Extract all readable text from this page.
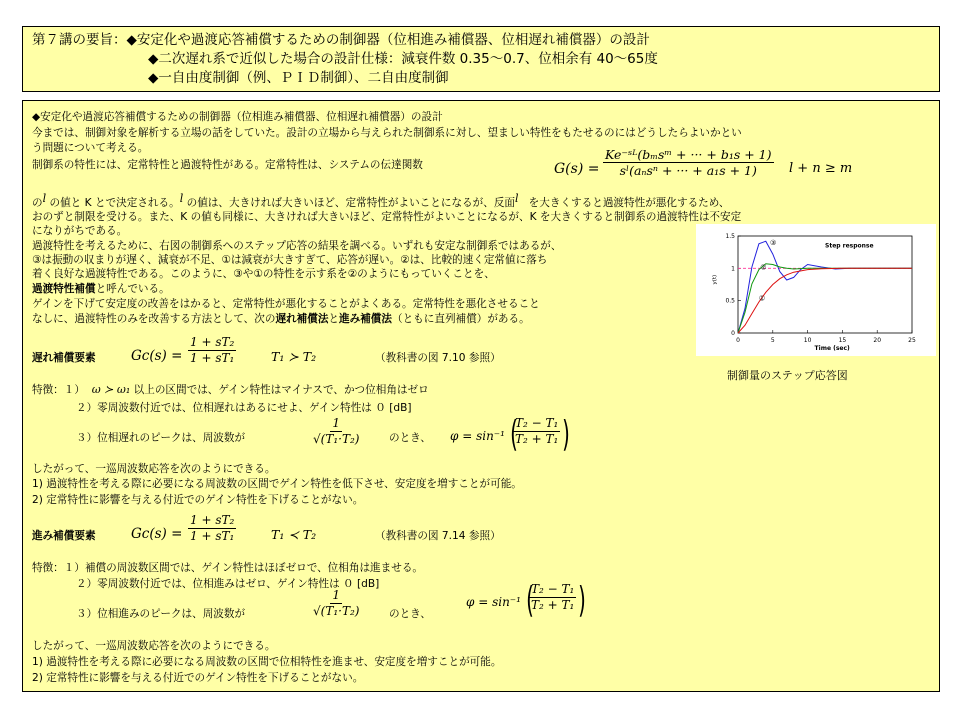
第７講の要旨：◆安定化や過渡応答補償するための制御器（位相進み補償器、位相遅れ補償器）の設計
◆二次遅れ系で近似した場合の設計仕様：減衰件数 0.35～0.7、位相余有 40～65度
◆一自由度制御（例、ＰＩＤ制御）、二自由度制御
◆安定化や過渡応答補償するための制御器（位相進み補償器、位相遅れ補償器）の設計
今までは、制御対象を解析する立場の話をしていた。設計の立場から与えられた制御系に対し、望ましい特性をもたせるのにはどうしたらよいかとい
う問題について考える。
制御系の特性には、定常特性と過渡特性がある。定常特性は、システムの伝達関数	G(s) =
Ke⁻ˢᴸ(bₘsᵐ + ··· + b₁s + 1)
sˡ(aₙsⁿ + ··· + a₁s + 1) l + n ≥ m
のl の値と K とで決定される。l の値は、大きければ大きいほど、定常特性がよいことになるが、反面l を大きくすると過渡特性が悪化するため、
おのずと制限を受ける。また、K の値も同様に、大きければ大きいほど、定常特性がよいことになるが、K を大きくすると制御系の過渡特性は不安定
になりがちである。
過渡特性を考えるために、右図の制御系へのステップ応答の結果を調べる。いずれも安定な制御系ではあるが、
③は振動の収まりが遅く、減衰が不足、①は減衰が大きすぎて、応答が遅い。②は、比較的速く定常値に落ち
着く良好な過渡特性である。このように、③や①の特性を示す系を②のようにもっていくことを、
過渡特性補償と呼んでいる。
ゲインを下げて安定度の改善をはかると、定常特性が悪化することがよくある。定常特性を悪化させること
なしに、過渡特性のみを改善する方法として、次の遅れ補償法と進み補償法（ともに直列補償）がある。
遅れ補償要素	$Gc(s) = \frac{\text{1 + sT₂}}{\text{1 + sT₁}}$	T₁ ≻ T₂	（教科書の図 7.10 参照）
特徴：１） ω ≻ ω₁ 以上の区間では、ゲイン特性はマイナスで、かつ位相角はゼロ
２）零周波数付近では、位相遅れはあるにせよ、ゲイン特性は ０ [dB]
３）位相遅れのピークは、周波数が	$\frac{1}{\text{√(T₁·T₂)}}$	のとき、 φ = sin⁻¹ (
$\frac{\text{T₂ − T₁}}{\text{T₂ + T₁}}$ )
したがって、一巡周波数応答を次のようにできる。
1) 過渡特性を考える際に必要になる周波数の区間でゲイン特性を低下させ、安定度を増すことが可能。
2) 定常特性に影響を与える付近でのゲイン特性を下げることがない。
進み補償要素	$Gc(s) = \frac{\text{1 + sT₂}}{\text{1 + sT₁}}$	T₁ ≺ T₂	（教科書の図 7.14 参照）
特徴：１）補償の周波数区間では、ゲイン特性はほぼゼロで、位相角は進ませる。
２）零周波数付近では、位相進みはゼロ、ゲイン特性は ０ [dB]
３）位相進みのピークは、周波数が	$\frac{1}{\text{√(T₁·T₂)}}$	のとき、
φ = sin⁻¹ (
$\frac{\text{T₂ − T₁}}{\text{T₂ + T₁}}$ )
したがって、一巡周波数応答を次のようにできる。
1) 過渡特性を考える際に必要になる周波数の区間で位相特性を進ませ、安定度を増すことが可能。
2) 定常特性に影響を与える付近でのゲイン特性を下げることがない。
0	5	10	15	20	25
0
0.5
1
1.5
③
②
①
Step response
Time (sec)
y(t)
制御量のステップ応答図
